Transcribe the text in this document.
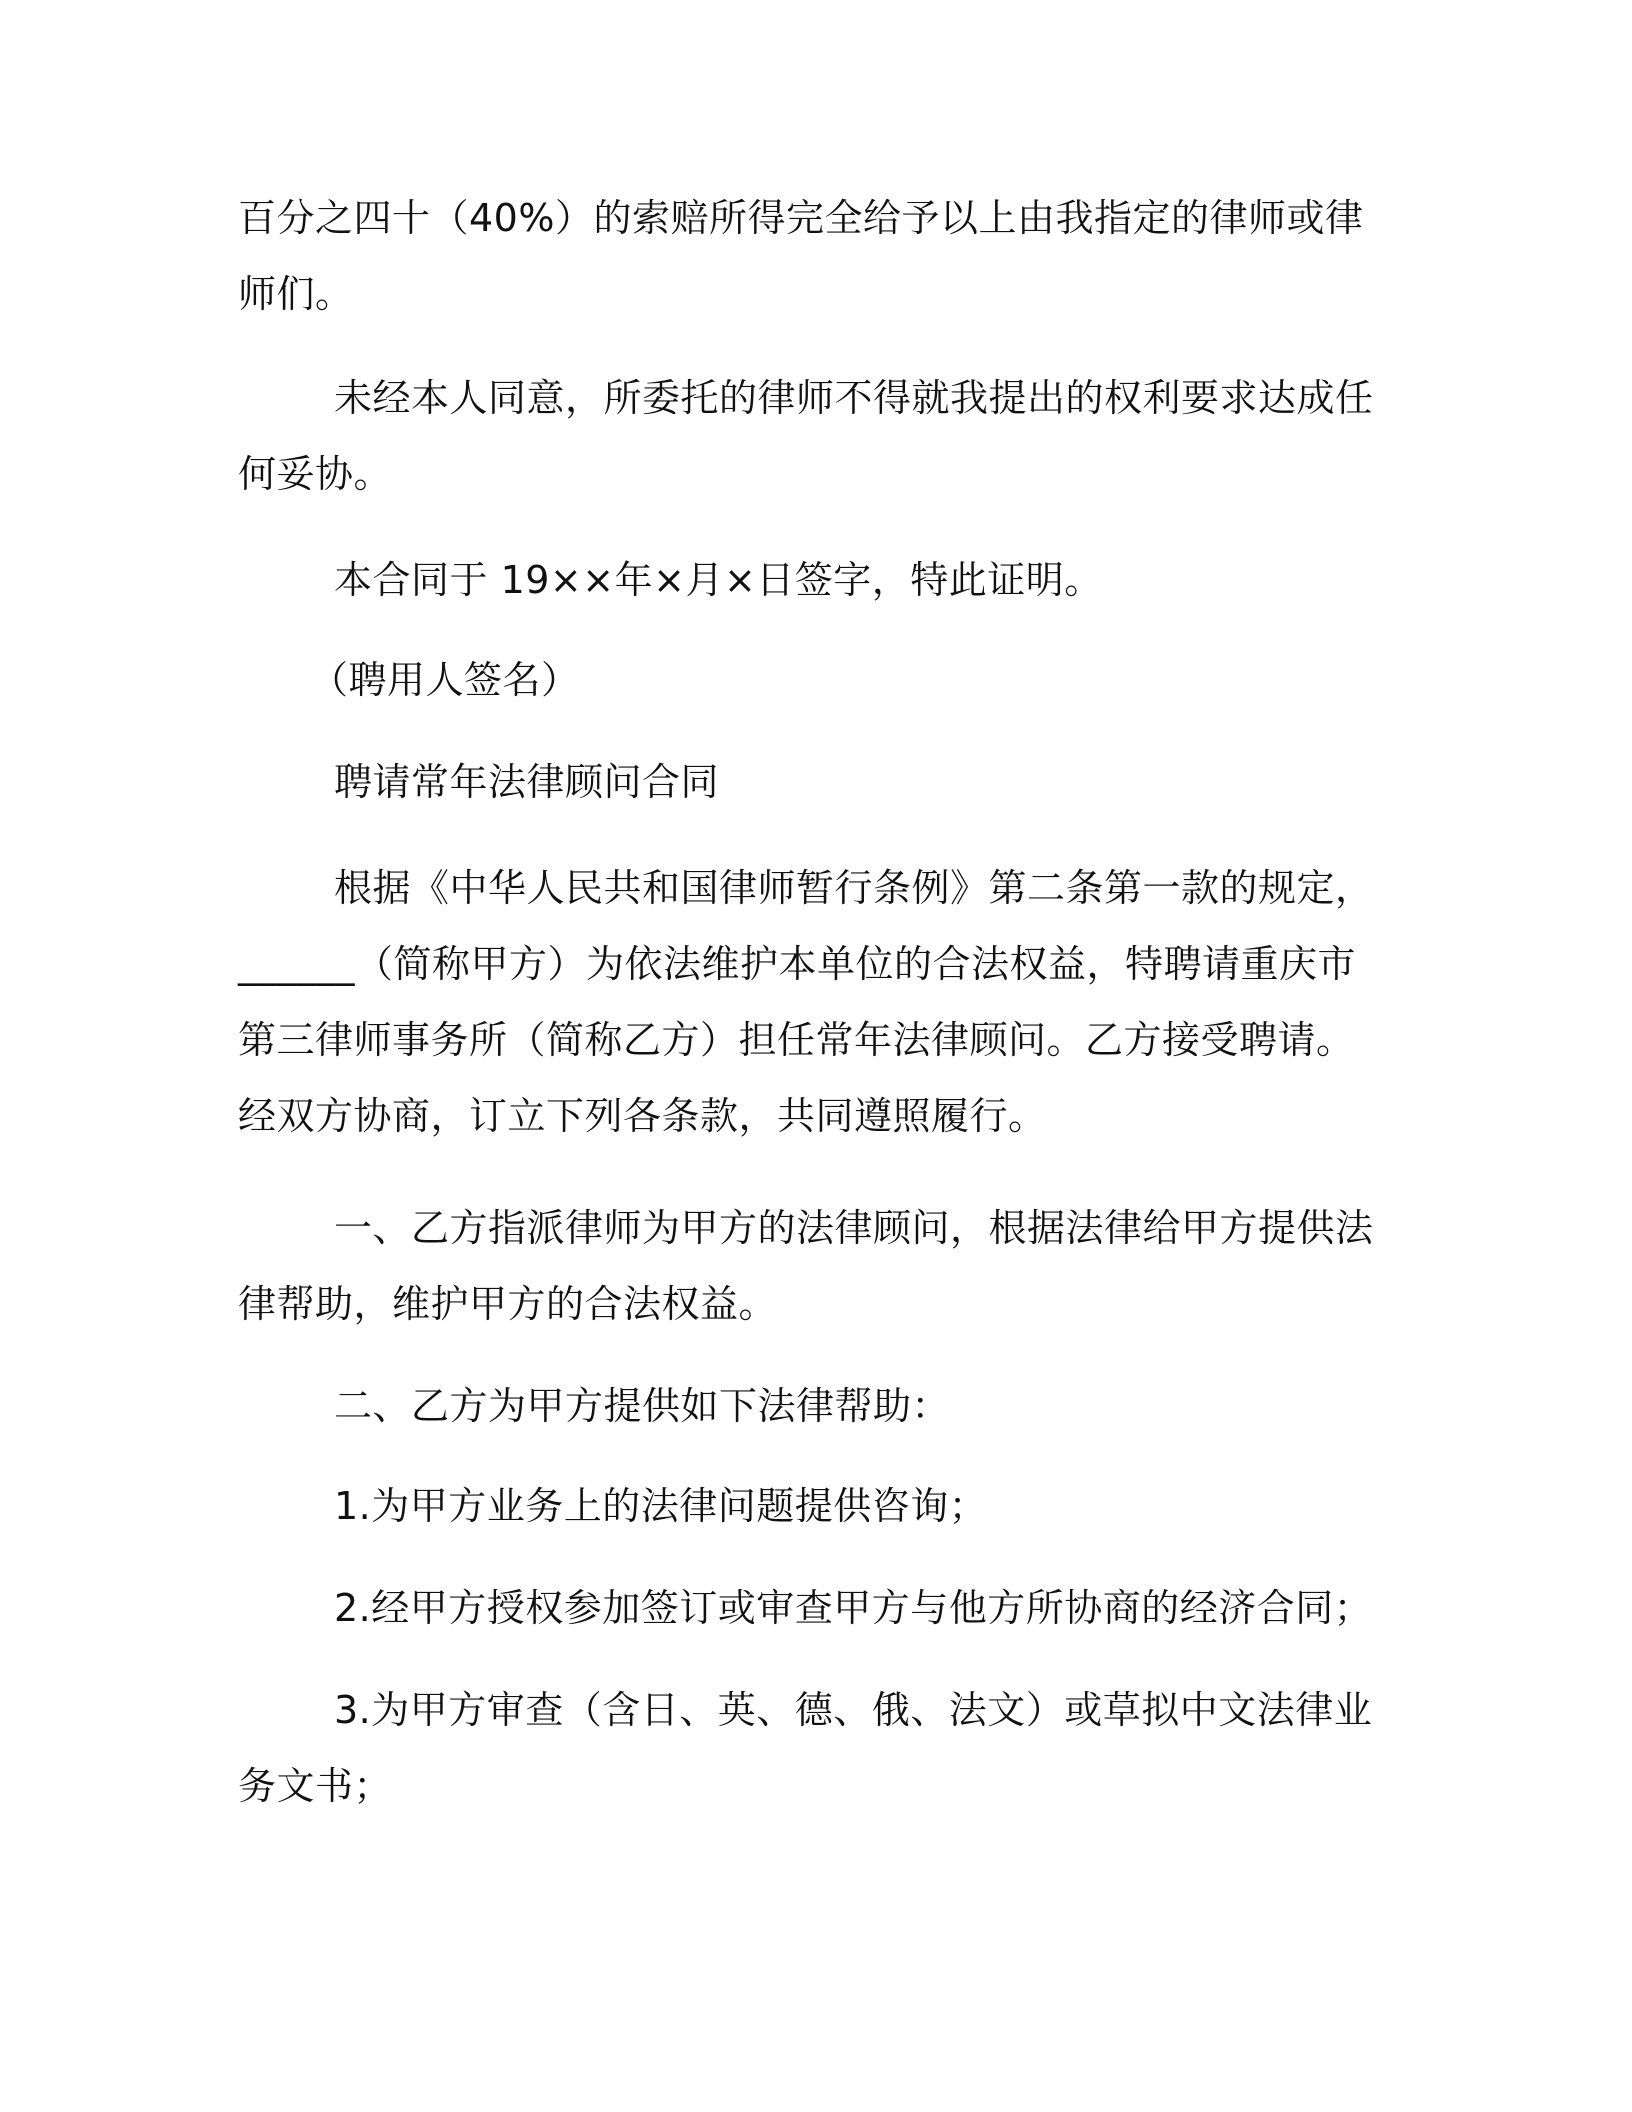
百分之四十（40%）的索赔所得完全给予以上由我指定的律师或律师们。

未经本人同意，所委托的律师不得就我提出的权利要求达成任何妥协。

本合同于 19××年×月×日签字，特此证明。

（聘用人签名）

聘请常年法律顾问合同

根据《中华人民共和国律师暂行条例》第二条第一款的规定，______（简称甲方）为依法维护本单位的合法权益，特聘请重庆市第三律师事务所（简称乙方）担任常年法律顾问。乙方接受聘请。经双方协商，订立下列各条款，共同遵照履行。

一、乙方指派律师为甲方的法律顾问，根据法律给甲方提供法律帮助，维护甲方的合法权益。

二、乙方为甲方提供如下法律帮助：

1.为甲方业务上的法律问题提供咨询；

2.经甲方授权参加签订或审查甲方与他方所协商的经济合同；

3.为甲方审查（含日、英、德、俄、法文）或草拟中文法律业务文书；
